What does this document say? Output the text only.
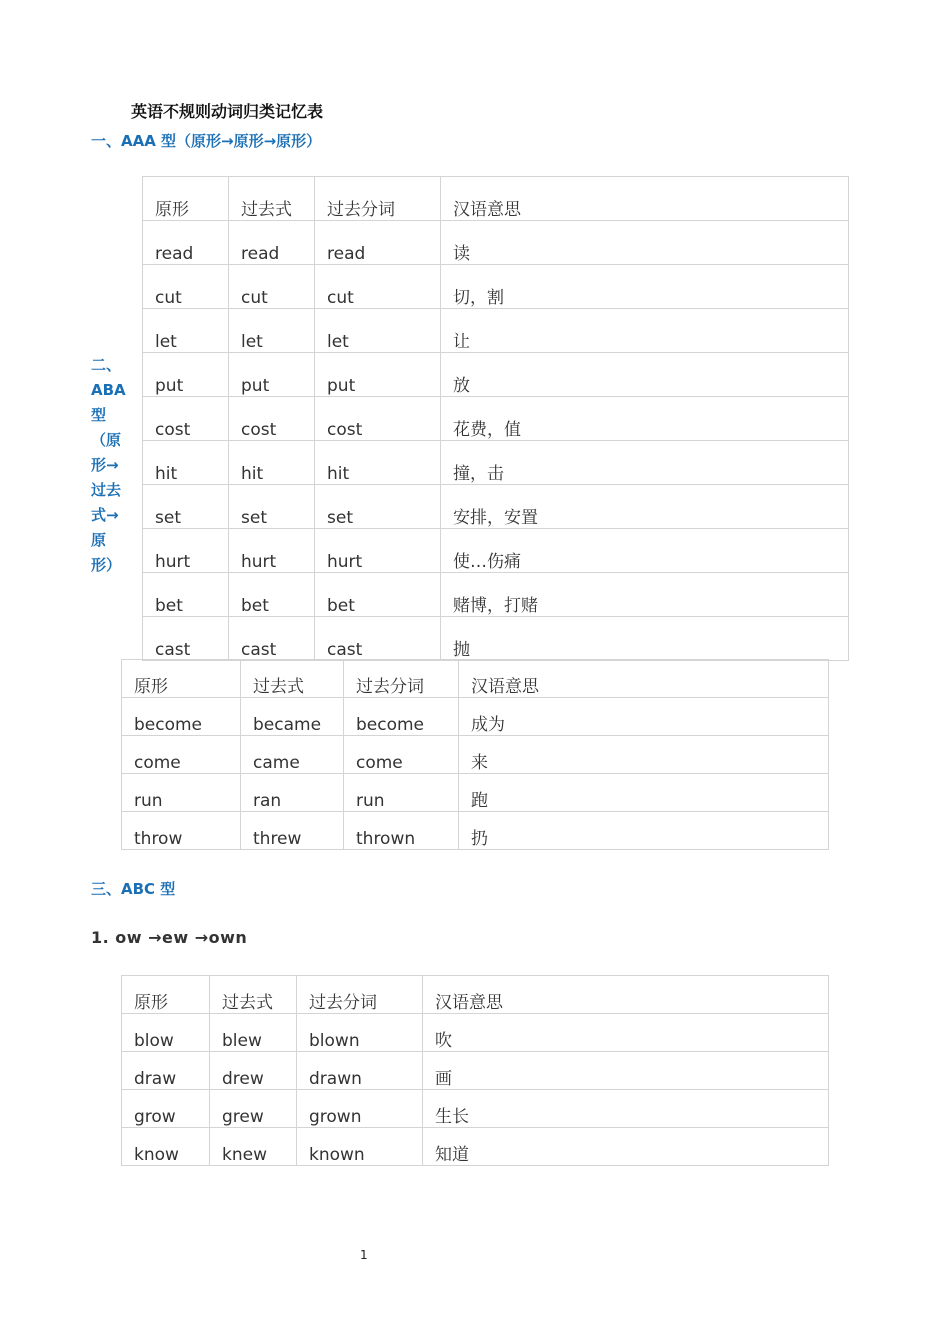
英语不规则动词归类记忆表
一、AAA 型（原形→原形→原形）
二、
ABA
型
（原
形→
过去
式→
原
形）
原形	过去式	过去分词	汉语意思
read	read	read	读
cut	cut	cut	切，割
let	let	let	让
put	put	put	放
cost	cost	cost	花费，值
hit	hit	hit	撞，击
set	set	set	安排，安置
hurt	hurt	hurt	使…伤痛
bet	bet	bet	赌博，打赌
cast	cast	cast	抛
原形	过去式	过去分词	汉语意思
become	became	become	成为
come	came	come	来
run	ran	run	跑
throw	threw	thrown	扔
三、ABC 型
1. ow →ew →own
原形	过去式	过去分词	汉语意思
blow	blew	blown	吹
draw	drew	drawn	画
grow	grew	grown	生长
know	knew	known	知道
1
